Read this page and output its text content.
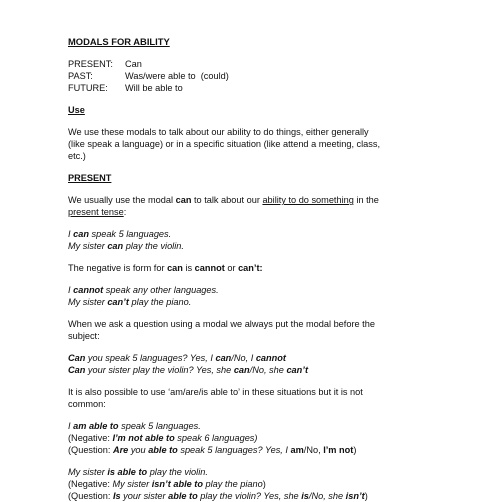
MODALS FOR ABILITY
PRESENT:	Can
PAST:	Was/were able to  (could)
FUTURE:	Will be able to
Use
We use these modals to talk about our ability to do things, either generally
(like speak a language) or in a specific situation (like attend a meeting, class,
etc.)
PRESENT
We usually use the modal can to talk about our ability to do something in the
present tense:
I can speak 5 languages.
My sister can play the violin.
The negative is form for can is cannot or can’t:
I cannot speak any other languages.
My sister can’t play the piano.
When we ask a question using a modal we always put the modal before the
subject:
Can you speak 5 languages? Yes, I can/No, I cannot
Can your sister play the violin? Yes, she can/No, she can’t
It is also possible to use ‘am/are/is able to’ in these situations but it is not
common:
I am able to speak 5 languages.
(Negative: I’m not able to speak 6 languages)
(Question: Are you able to speak 5 languages? Yes, I am/No, I’m not)
My sister is able to play the violin.
(Negative: My sister isn’t able to play the piano)
(Question: Is your sister able to play the violin? Yes, she is/No, she isn’t)
